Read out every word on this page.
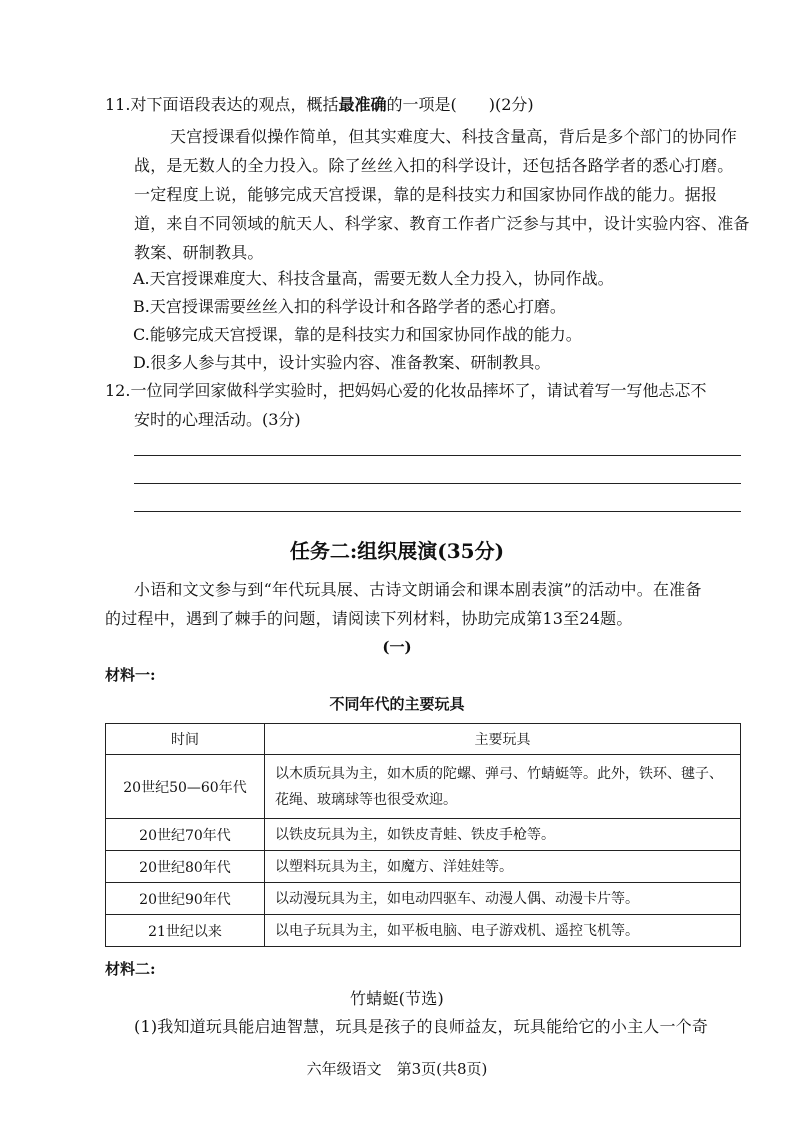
11.对下面语段表达的观点，概括最准确的一项是(　　)(2分)
天宫授课看似操作简单，但其实难度大、科技含量高，背后是多个部门的协同作
战，是无数人的全力投入。除了丝丝入扣的科学设计，还包括各路学者的悉心打磨。
一定程度上说，能够完成天宫授课，靠的是科技实力和国家协同作战的能力。据报
道，来自不同领域的航天人、科学家、教育工作者广泛参与其中，设计实验内容、准备
教案、研制教具。
A.天宫授课难度大、科技含量高，需要无数人全力投入，协同作战。
B.天宫授课需要丝丝入扣的科学设计和各路学者的悉心打磨。
C.能够完成天宫授课，靠的是科技实力和国家协同作战的能力。
D.很多人参与其中，设计实验内容、准备教案、研制教具。
12.一位同学回家做科学实验时，把妈妈心爱的化妆品摔坏了，请试着写一写他忐忑不
安时的心理活动。(3分)
任务二:组织展演(35分)
小语和文文参与到“年代玩具展、古诗文朗诵会和课本剧表演”的活动中。在准备
的过程中，遇到了棘手的问题，请阅读下列材料，协助完成第13至24题。
(一)
材料一:
不同年代的主要玩具
时间	主要玩具
20世纪50—60年代	以木质玩具为主，如木质的陀螺、弹弓、竹蜻蜓等。此外，铁环、毽子、
花绳、玻璃球等也很受欢迎。

20世纪70年代	以铁皮玩具为主，如铁皮青蛙、铁皮手枪等。
20世纪80年代	以塑料玩具为主，如魔方、洋娃娃等。
20世纪90年代	以动漫玩具为主，如电动四驱车、动漫人偶、动漫卡片等。
21世纪以来	以电子玩具为主，如平板电脑、电子游戏机、遥控飞机等。
材料二:
竹蜻蜓(节选)
(1)我知道玩具能启迪智慧，玩具是孩子的良师益友，玩具能给它的小主人一个奇
六年级语文　第3页(共8页)
